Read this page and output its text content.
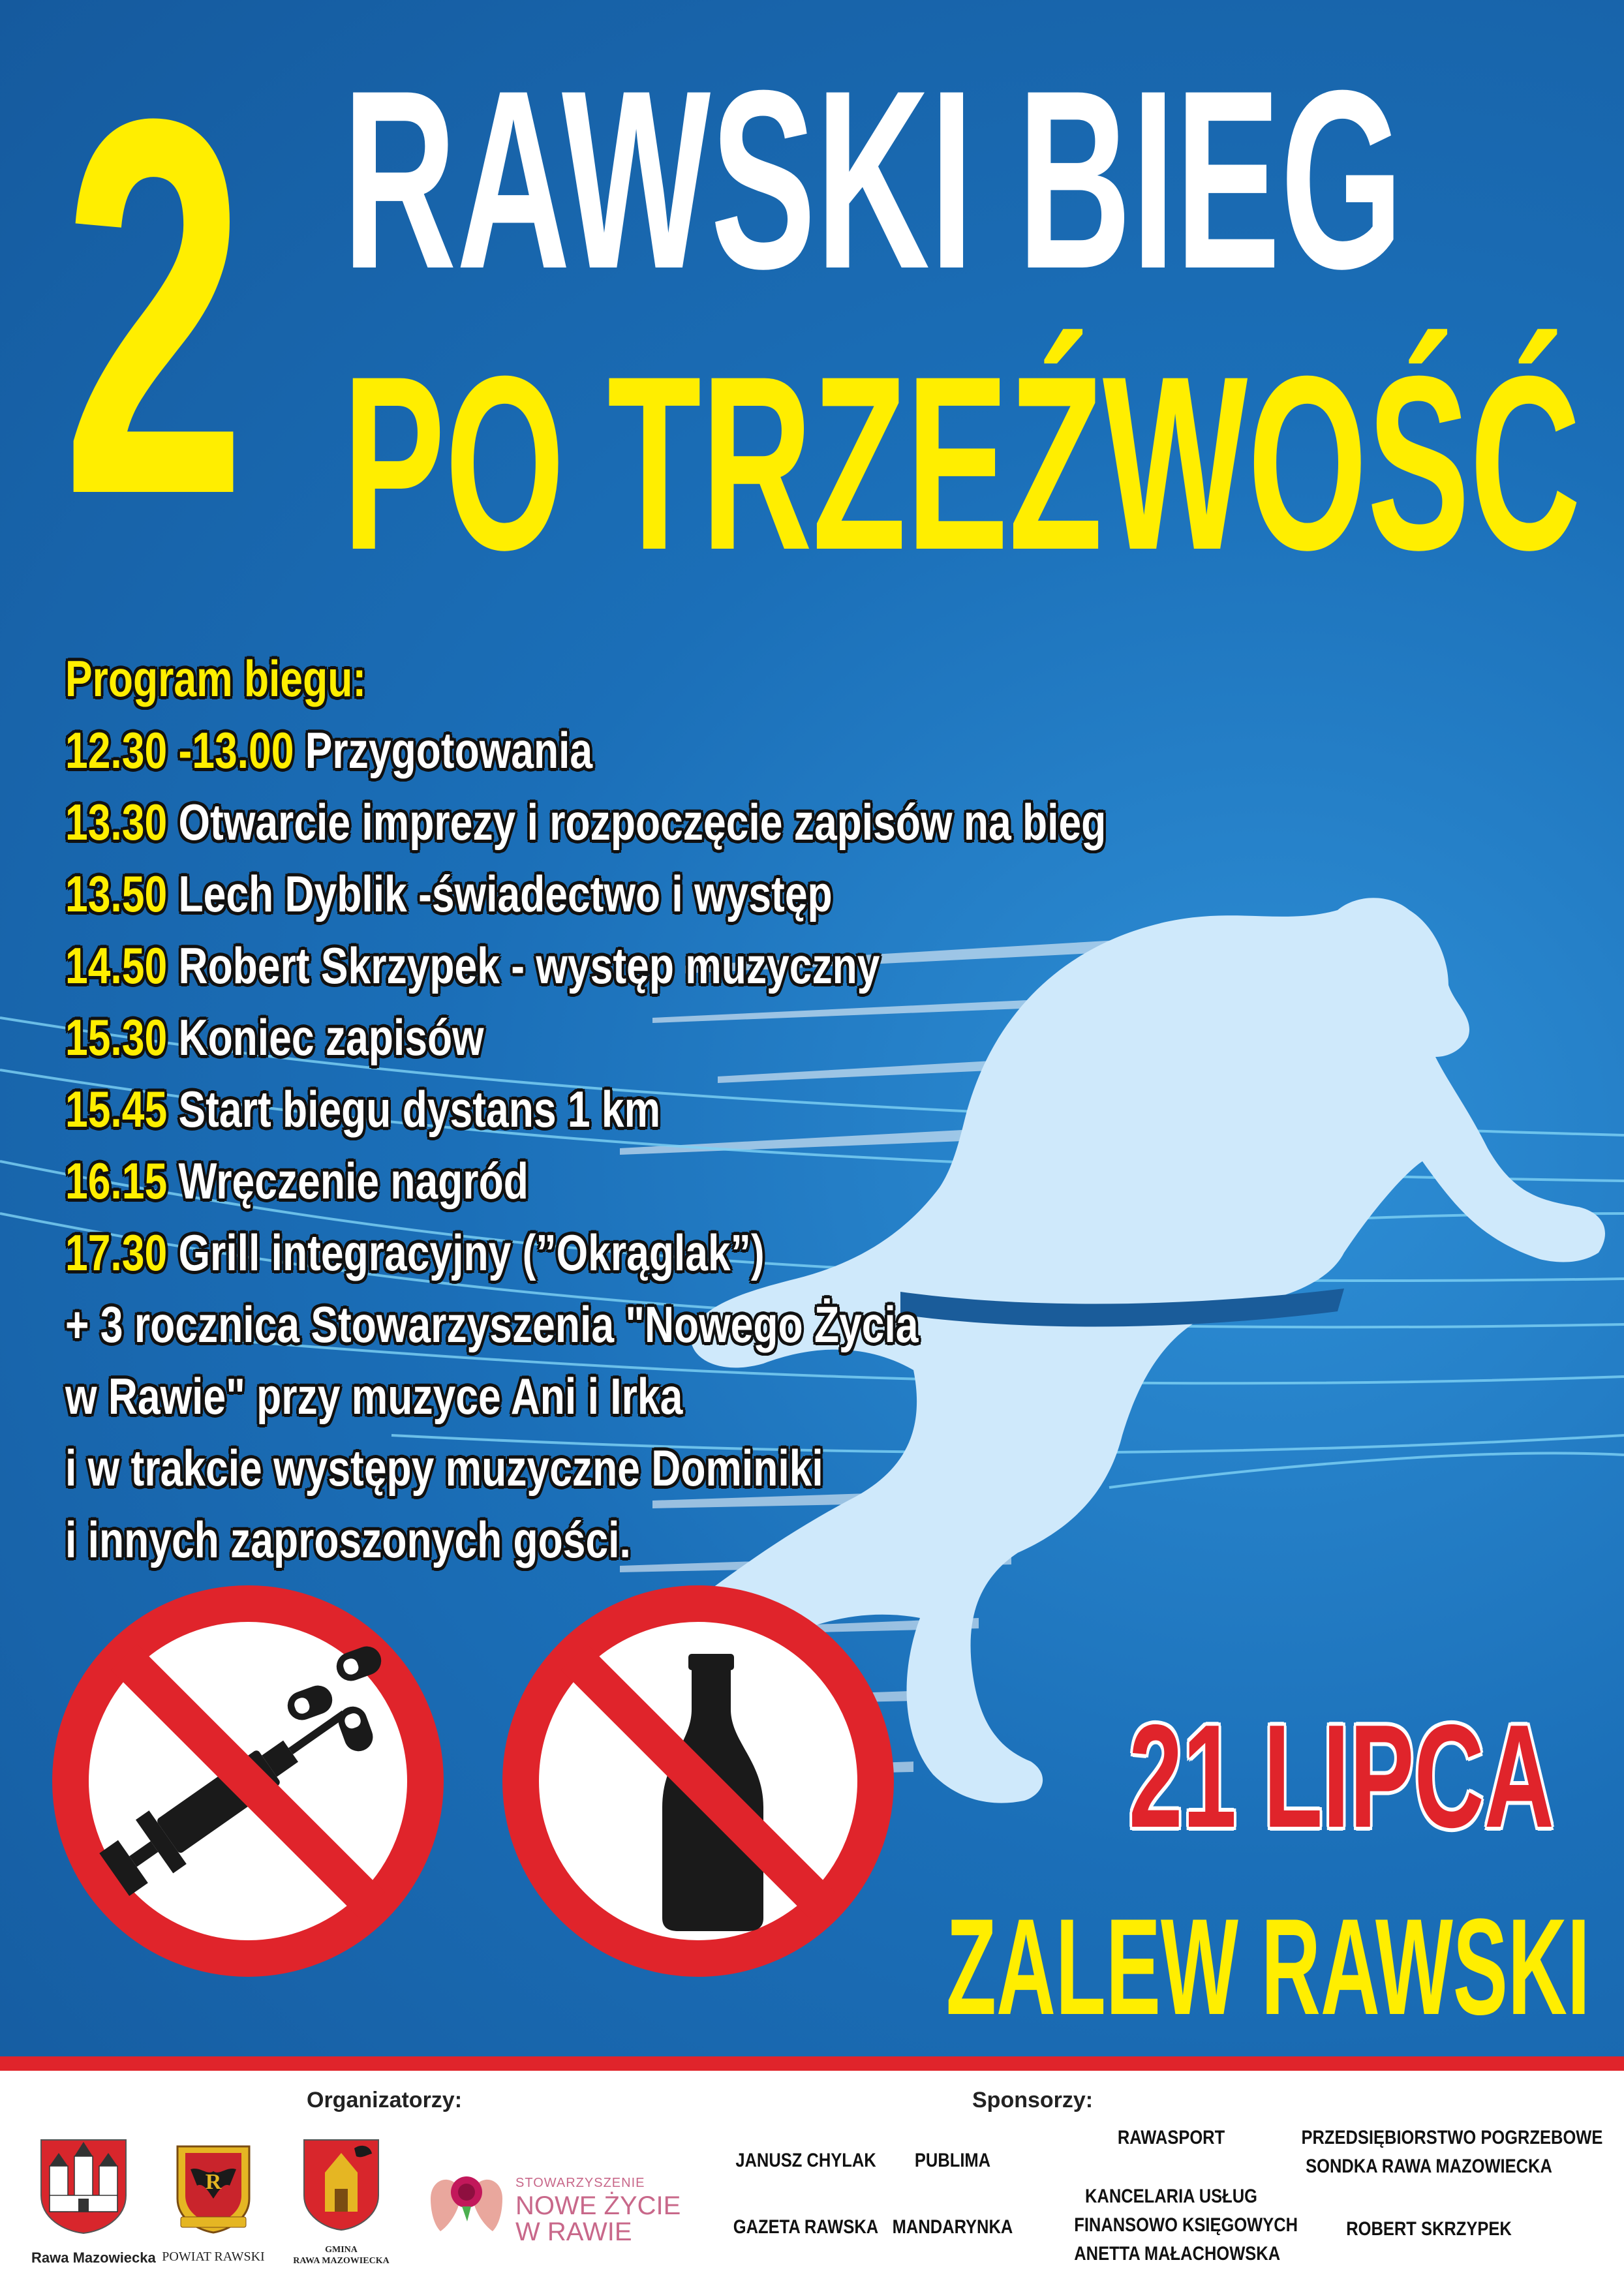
2 RAWSKI BIEG
PO TRZEŹWOŚĆ
Program biegu:
12.30 -13.00 Przygotowania
13.30 Otwarcie imprezy i rozpoczęcie zapisów na bieg
13.50 Lech Dyblik -świadectwo i występ
14.50 Robert Skrzypek - występ muzyczny
15.30 Koniec zapisów
15.45 Start biegu dystans 1 km
16.15 Wręczenie nagród
17.30 Grill integracyjny (”Okrąglak”)
+ 3 rocznica Stowarzyszenia "Nowego Życia
w Rawie" przy muzyce Ani i Irka
i w trakcie występy muzyczne Dominiki
i innych zaproszonych gości.
21 LIPCA
ZALEW RAWSKI
Organizatorzy:	Sponsorzy:
Rawa Mazowiecka
R
POWIAT RAWSKI	GMINA
RAWA MAZOWIECKA
STOWARZYSZENIE
NOWE ŻYCIE
W RAWIE
JANUSZ CHYLAK	PUBLIMA
GAZETA RAWSKA MANDARYNKA
RAWASPORT
KANCELARIA USŁUG
FINANSOWO KSIĘGOWYCH
ANETTA MAŁACHOWSKA
PRZEDSIĘBIORSTWO POGRZEBOWE
SONDKA RAWA MAZOWIECKA
ROBERT SKRZYPEK
